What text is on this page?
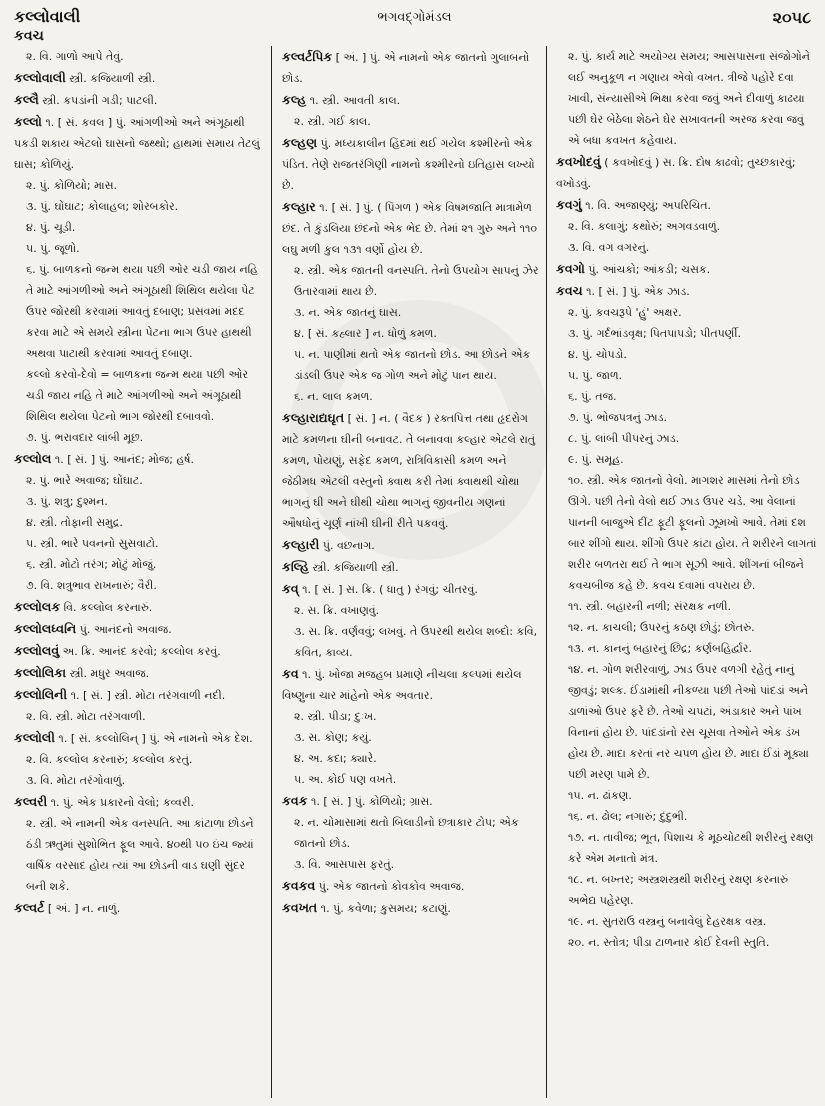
કલ્લોવાલી
કવચ
ભગવદ્ગોમંડલ	૨૦૫૮
૨. વિ. ગાળો આપે તેવું.
કલ્લોવાલી સ્ત્રી. કજિયાળી સ્ત્રી.
કલ્લૈ સ્ત્રી. કપડાંની ગડી; પાટલી.
કલ્લો ૧. [ સં. કવલ ] પું. આંગળીઓ અને અંગૂઠાથી પકડી શકાય એટલો ઘાસનો જથ્થો; હાથમાં સમાય તેટલું ઘાસ; કોળિયું.
૨. પું. કોળિયો; માસ.
૩. પું. ઘોંઘાટ; કોલાહલ; શોરબકોર.
૪. પું. ચૂડી.
૫. પું. જૂળો.
૬. પું. બાળકનો જન્મ થયા પછી ઓર ચડી જાય નહિ તે માટે આંગળીઓ અને અંગૂઠાથી શિથિલ થયેલા પેટ ઉપર જોરથી કરવામાં આવતું દબાણ; પ્રસવમાં મદદ કરવા માટે એ સમયે સ્ત્રીના પેટના ભાગ ઉપર હાથથી અથવા પાટાથી કરવામાં આવતું દબાણ.
કલ્લો કરવો-દેવો = બાળકના જન્મ થયા પછી ઓર ચડી જાય નહિ તે માટે આંગળીઓ અને અંગૂઠાથી શિથિલ થયેલા પેટનો ભાગ જોરથી દબાવવો.
૭. પું. ભરાવદાર લાંબી મૂછ.
કલ્લોલ ૧. [ સં. ] પું. આનંદ; મોજ; હર્ષ.
૨. પું. ભારે અવાજ; ઘોંઘાટ.
૩. પું. શત્રુ; દુશ્મન.
૪. સ્ત્રી. તોફાની સમુદ્ર.
૫. સ્ત્રી. ભારે પવનનો સુસવાટો.
૬. સ્ત્રી. મોટો તરંગ; મોટું મોજું.
૭. વિ. શત્રુભાવ રાખનારું; વૈરી.
કલ્લોલક વિ. કલ્લોલ કરનારું.
કલ્લોલધ્વનિ પું. આનંદનો અવાજ.
કલ્લોલવું અ. ક્રિ. આનંદ કરવો; કલ્લોલ કરવું.
કલ્લોલિકા સ્ત્રી. મધુર અવાજ.
કલ્લોલિની ૧. [ સં. ] સ્ત્રી. મોટા તરંગવાળી નદી.
૨. વિ. સ્ત્રી. મોટા તરંગવાળી.
કલ્લોલી ૧. [ સં. કલ્લોલિન્ ] પું. એ નામનો એક દેશ.
૨. વિ. કલ્લોલ કરનારું; કલ્લોલ કરતું.
૩. વિ. મોટા તરંગોવાળું.
કલ્વરી ૧. પું. એક પ્રકારનો વેલો; કવ્વરી.
૨. સ્ત્રી. એ નામની એક વનસ્પતિ. આ કાંટાળા છોડને ઠંડી ઋતુમાં સુશોભિત ફૂલ આવે. ૪૦થી ૫૦ ઇંચ જ્યાં વાર્ષિક વરસાદ હોય ત્યાં આ છોડની વાડ ઘણી સુંદર બની શકે.
કલ્વર્ટ [ અં. ] ન. નાળું.
કલ્વર્ટપિક [ અં. ] પું. એ નામનો એક જાતનો ગુલાબનો છોડ.
કલ્હ ૧. સ્ત્રી. આવતી કાલ.
૨. સ્ત્રી. ગઈ કાલ.
કલ્હણ પું. મધ્યકાલીન હિંદમાં થઈ ગયેલ કશ્મીરનો એક પંડિત. તેણે રાજતરંગિણી નામનો કશ્મીરનો ઇતિહાસ લખ્યો છે.
કલ્હાર ૧. [ સં. ] પું. ( પિંગળ ) એક વિષમજાતિ માત્રામેળ છંદ. તે કુંડલિયા છંદનો એક ભેદ છે. તેમાં ૨૧ ગુરુ અને ૧૧૦ લઘુ મળી કુલ ૧૩૧ વર્ણો હોય છે.
૨. સ્ત્રી. એક જાતની વનસ્પતિ. તેનો ઉપયોગ સાપનું ઝેર ઉતારવામાં થાય છે.
૩. ન. એક જાતનું ઘાસ.
૪. [ સં. કહ્લાર ] ન. ધોળું કમળ.
૫. ન. પાણીમાં થતો એક જાતનો છોડ. આ છોડને એક ડાંડલી ઉપર એક જ ગોળ અને મોટું પાન થાય.
૬. ન. લાલ કમળ.
કલ્હારાદ્યઘૃત [ સં. ] ન. ( વૈદક ) રક્તપિત્ત તથા હૃદરોગ માટે કમળના ઘીની બનાવટ. તે બનાવવા કલ્હાર એટલે રાતું કમળ, પોયણું, સફેદ કમળ, રાત્રિવિકાસી કમળ અને જેઠીમધ એટલી વસ્તુનો ક્વાથ કરી તેમાં ક્વાથથી ચોથા ભાગનું ઘી અને ઘીથી ચોથા ભાગનું જીવનીય ગણનાં ઔષધોનું ચૂર્ણ નાંખી ઘીની રીતે પકવવું.
કલ્હારી પું. વછનાગ.
કલ્હિ સ્ત્રી. કજિયાળી સ્ત્રી.
કવ્ ૧. [ સં. ] સ. ક્રિ. ( ધાતુ ) રંગવું; ચીતરવું.
૨. સ. ક્રિ. વખાણવું.
૩. સ. ક્રિ. વર્ણવવું; લખવું. તે ઉપરથી થયેલ શબ્દો: કવિ, કવિત, કાવ્ય.
કવ ૧. પું. ખોજા મજહબ પ્રમાણે નીચલા કલ્પમાં થયેલ વિષ્ણુના ચાર માંહેનો એક અવતાર.
૨. સ્ત્રી. પીડા; દુઃખ.
૩. સ. કોણ; કયું.
૪. અ. કદા; ક્યારે.
૫. અ. કોઈ પણ વખતે.
કવક ૧. [ સં. ] પું. કોળિયો; ગ્રાસ.
૨. ન. ચોમાસામાં થતો બિલાડીનો છત્રાકાર ટોપ; એક જાતનો છોડ.
૩. વિ. આસપાસ ફરતું.
કવકવ પું. એક જાતનો કોવકોવ અવાજ.
કવખત ૧. પું. કવેળા; કુસમય; કટાણું.
૨. પું. કાર્ય માટે અયોગ્ય સમય; આસપાસના સંજોગોને લઈ અનુકૂળ ન ગણાય એવો વખત. ત્રીજે પહોરે દવા ખાવી, સંન્યાસીએ ભિક્ષા કરવા જવું અને દીવાળું કાઢયા પછી ઘેર બેઠેલા શેઠને ઘેર સખાવતની અરજ કરવા જવું એ બધા કવખત કહેવાય.
કવખોદવું ( કવખોદવું ) સ. ક્રિ. દોષ કાઢવો; તુચ્છકારવું; વખોડવું.
કવગું ૧. વિ. અજાણ્યું; અપરિચિત.
૨. વિ. કલાગું; કથોરું; અગવડવાળું.
૩. વિ. વગ વગરનું.
કવગો પું. આંચકો; આંકડી; ચસક.
કવચ ૧. [ સં. ] પું. એક ઝાડ.
૨. પું. કવચરૂપે 'હું' અક્ષર.
૩. પું. ગર્દભાંડવૃક્ષ; પિતપાપડો; પીતપર્ણી.
૪. પું. ચોપડો.
૫. પું. જાળ.
૬. પું. તજ.
૭. પું. ભોજપત્રનું ઝાડ.
૮. પું. લાંબી પીપરનું ઝાડ.
૯. પું. સમૂહ.
૧૦. સ્ત્રી. એક જાતનો વેલો. માગશર માસમાં તેનો છોડ ઊગે. પછી તેનો વેલો થઈ ઝાડ ઉપર ચડે. આ વેલાનાં પાનની બાજુએ દીંટ ફૂટી ફૂલનો ઝૂમખો આવે. તેમાં દશ બાર શીંગો થાય. શીંગો ઉપર કાંટા હોય. તે શરીરને લાગતાં શરીર બળતરા થઈ તે ભાગ સૂઝી આવે. શીંગનાં બીજને કવચબીજ કહે છે. કવચ દવામાં વપરાય છે.
૧૧. સ્ત્રી. બહારની નળી; સંરક્ષક નળી.
૧૨. ન. કાચલી; ઉપરનું કઠણ છોડું; છોતરું.
૧૩. ન. કાનનું બહારનું છિદ્ર; કર્ણબહિર્દ્વાર.
૧૪. ન. ગોળ શરીરવાળું, ઝાડ ઉપર વળગી રહેતું નાનું જીવડું; શલ્ક. ઈંડામાંથી નીકળ્યા પછી તેઓ પાંદડાં અને ડાળાંઓ ઉપર ફરે છે. તેઓ ચપટાં, અંડાકાર અને પાંખ વિનાનાં હોય છે. પાંદડાંનો રસ ચૂસવા તેઓને એક ડંખ હોય છે. માદા કરતાં નર ચપળ હોય છે. માદા ઈંડાં મૂક્યા પછી મરણ પામે છે.
૧૫. ન. ઢાંકણ.
૧૬. ન. ઢોલ; નગારું; દુંદુભી.
૧૭. ન. તાવીજ; ભૂત, પિશાચ કે મૂઠચોટથી શરીરનું રક્ષણ કરે એમ મનાતો મંત્ર.
૧૮. ન. બખ્તર; અસ્ત્રશસ્ત્રથી શરીરનું રક્ષણ કરનારું અભેદ્ય પહેરણ.
૧૯. ન. સુતરાઉ વસ્ત્રનું બનાવેલું દેહરક્ષક વસ્ત્ર.
૨૦. ન. સ્તોત્ર; પીડા ટાળનાર કોઈ દેવની સ્તુતિ.
